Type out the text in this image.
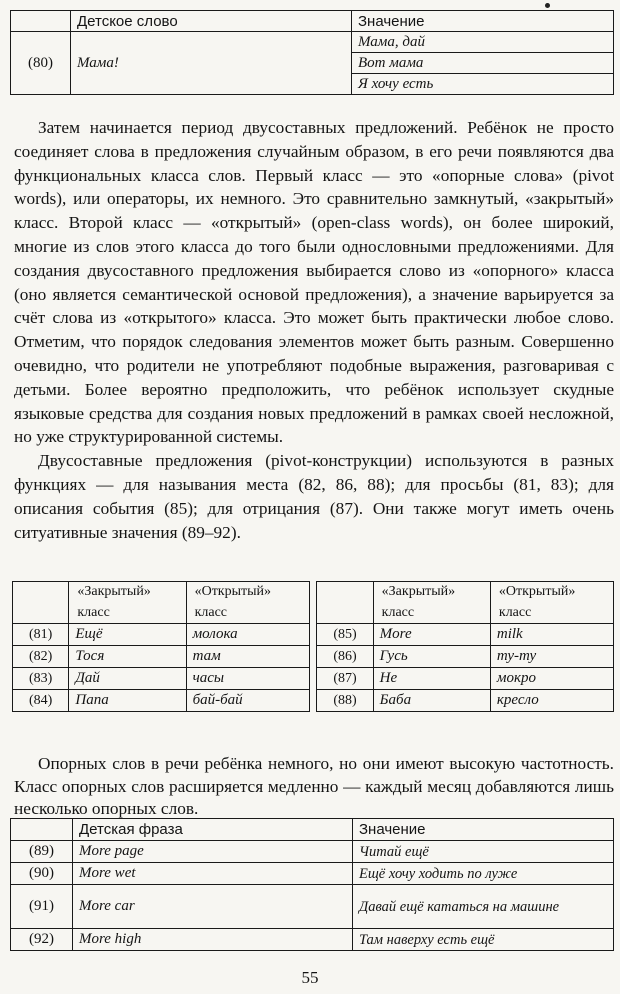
	Детское слово	Значение
(80)	Мама!	Мама, дай
		Вот мама
		Я хочу есть

Затем начинается период двусоставных предложений. Ребёнок не просто соединяет слова в предложения случайным образом, в его речи появляются два функциональных класса слов. Первый класс — это «опорные слова» (pivot words), или операторы, их немного. Это сравнительно замкнутый, «закрытый» класс. Второй класс — «открытый» (open-class words), он более широкий, многие из слов этого класса до того были однословными предложениями. Для создания двусоставного предложения выбирается слово из «опорного» класса (оно является семантической основой предложения), а значение варьируется за счёт слова из «открытого» класса. Это может быть практически любое слово. Отметим, что порядок следования элементов может быть разным. Совершенно очевидно, что родители не употребляют подобные выражения, разговаривая с детьми. Более вероятно предположить, что ребёнок использует скудные языковые средства для создания новых предложений в рамках своей несложной, но уже структурированной системы.

Двусоставные предложения (pivot-конструкции) используются в разных функциях — для называния места (82, 86, 88); для просьбы (81, 83); для описания события (85); для отрицания (87). Они также могут иметь очень ситуативные значения (89–92).

	«Закрытый»	«Открытый»			«Закрытый»	«Открытый»
	класс	класс			класс	класс
(81)	Ещё	молока		(85)	More	milk
(82)	Тося	там		(86)	Гусь	ту-ту
(83)	Дай	часы		(87)	Не	мокро
(84)	Папа	бай-бай		(88)	Баба	кресло

Опорных слов в речи ребёнка немного, но они имеют высокую частотность. Класс опорных слов расширяется медленно — каждый месяц добавляются лишь несколько опорных слов.

	Детская фраза	Значение
(89)	More page	Читай ещё
(90)	More wet	Ещё хочу ходить по луже
(91)	More car	Давай ещё кататься на машине
(92)	More high	Там наверху есть ещё
55
